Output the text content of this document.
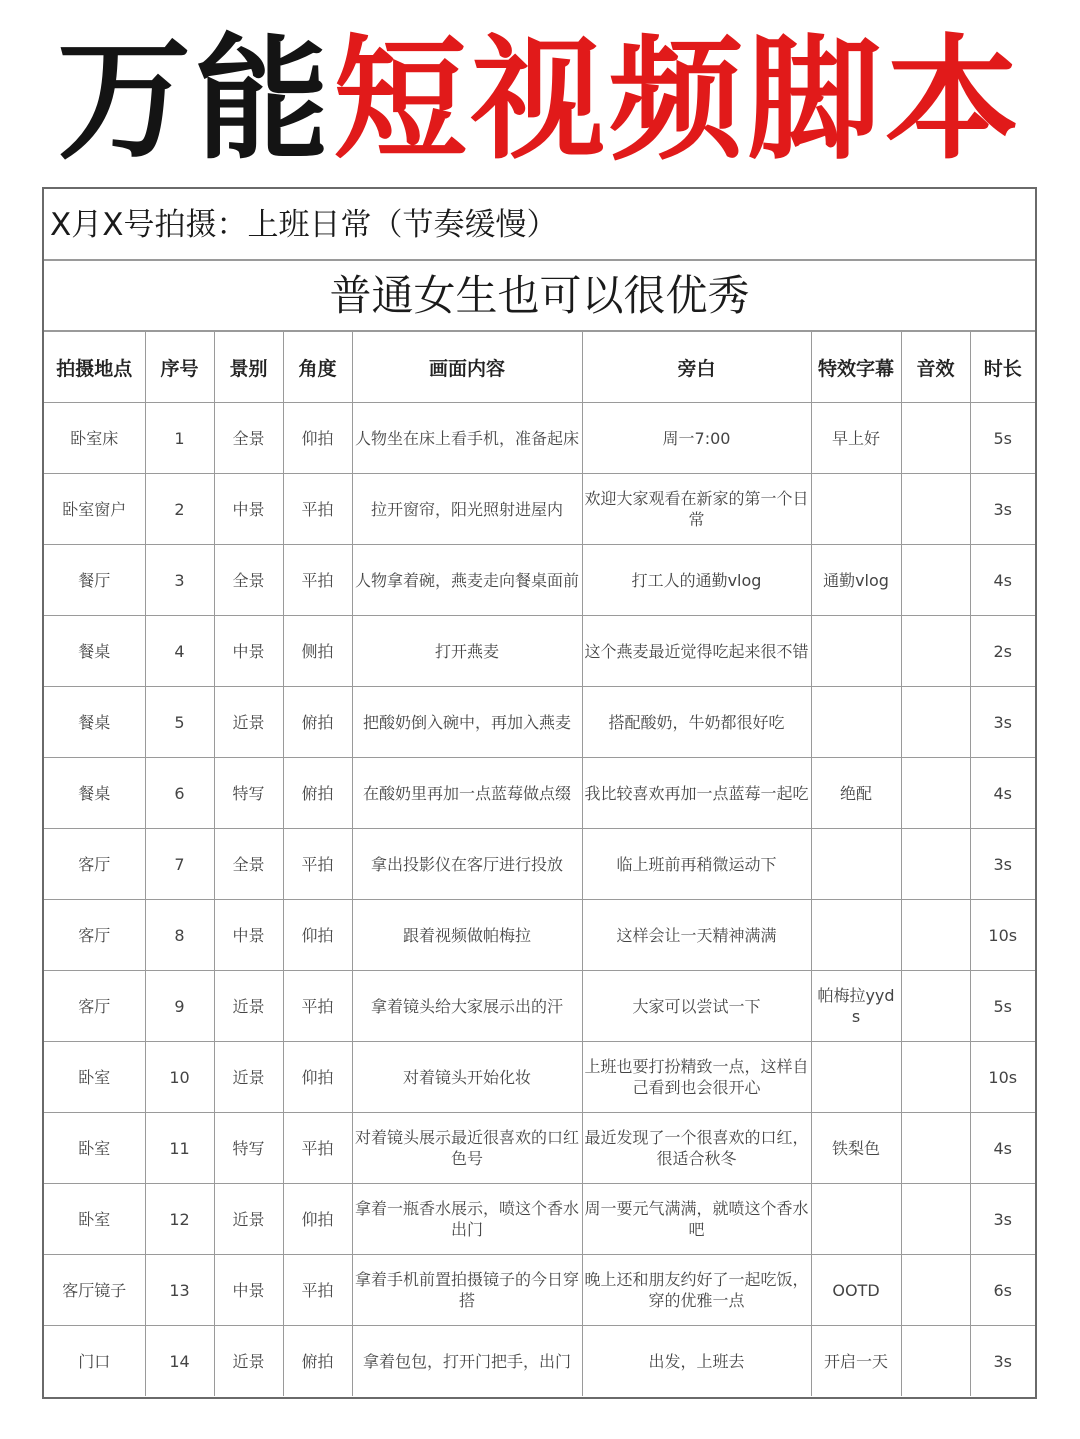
万能短视频脚本
X月X号拍摄：上班日常（节奏缓慢）
普通女生也可以很优秀
拍摄地点	序号	景别	角度	画面内容	旁白	特效字幕	音效	时长
卧室床	1	全景	仰拍	人物坐在床上看手机，准备起床	周一7:00	早上好		5s
卧室窗户	2	中景	平拍	拉开窗帘，阳光照射进屋内	欢迎大家观看在新家的第一个日常			3s
餐厅	3	全景	平拍	人物拿着碗，燕麦走向餐桌面前	打工人的通勤vlog	通勤vlog		4s
餐桌	4	中景	侧拍	打开燕麦	这个燕麦最近觉得吃起来很不错			2s
餐桌	5	近景	俯拍	把酸奶倒入碗中，再加入燕麦	搭配酸奶，牛奶都很好吃			3s
餐桌	6	特写	俯拍	在酸奶里再加一点蓝莓做点缀	我比较喜欢再加一点蓝莓一起吃	绝配		4s
客厅	7	全景	平拍	拿出投影仪在客厅进行投放	临上班前再稍微运动下			3s
客厅	8	中景	仰拍	跟着视频做帕梅拉	这样会让一天精神满满			10s
客厅	9	近景	平拍	拿着镜头给大家展示出的汗	大家可以尝试一下	帕梅拉yyds		5s
卧室	10	近景	仰拍	对着镜头开始化妆	上班也要打扮精致一点，这样自己看到也会很开心			10s
卧室	11	特写	平拍	对着镜头展示最近很喜欢的口红色号	最近发现了一个很喜欢的口红，很适合秋冬	铁梨色		4s
卧室	12	近景	仰拍	拿着一瓶香水展示，喷这个香水出门	周一要元气满满，就喷这个香水吧			3s
客厅镜子	13	中景	平拍	拿着手机前置拍摄镜子的今日穿搭	晚上还和朋友约好了一起吃饭，穿的优雅一点	OOTD		6s
门口	14	近景	俯拍	拿着包包，打开门把手，出门	出发，上班去	开启一天		3s
